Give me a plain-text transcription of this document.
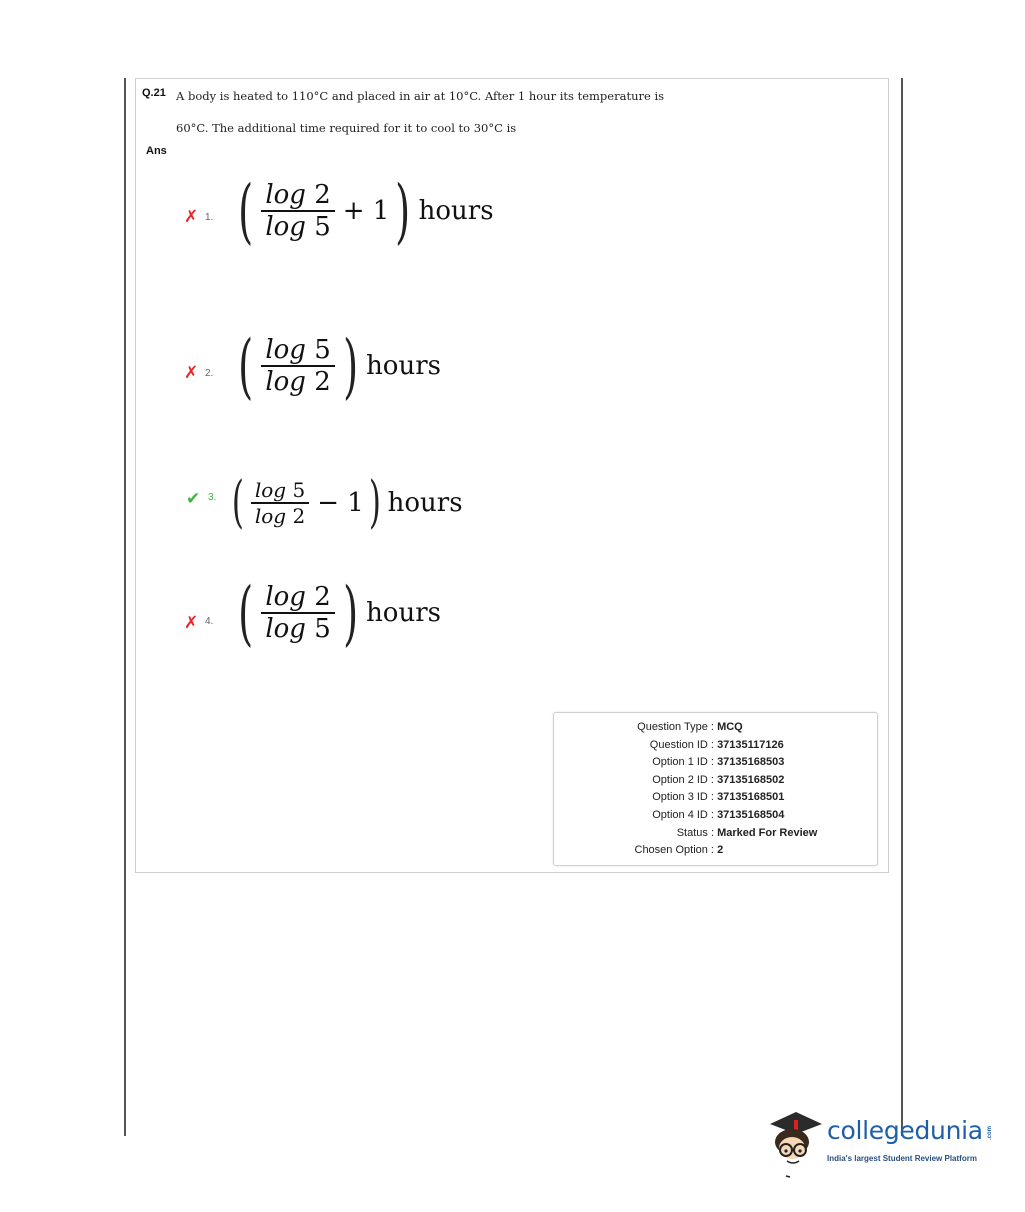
Q.21 A body is heated to 110°C and placed in air at 10°C. After 1 hour its temperature is
60°C. The additional time required for it to cool to 30°C is
Ans
✗ 1. ( $\frac{\log 2}{\log 5} + 1$ ) hours
✗ 2. ( $\frac{\log 5}{\log 2}$ ) hours
✔ 3. ( $\frac{\log 5}{\log 2} - 1$ ) hours
✗ 4. ( $\frac{\log 2}{\log 5}$ ) hours
Question Type : MCQ
Question ID : 37135117126
Option 1 ID : 37135168503
Option 2 ID : 37135168502
Option 3 ID : 37135168501
Option 4 ID : 37135168504
Status : Marked For Review
Chosen Option : 2
collegedunia .com
India's largest Student Review Platform
